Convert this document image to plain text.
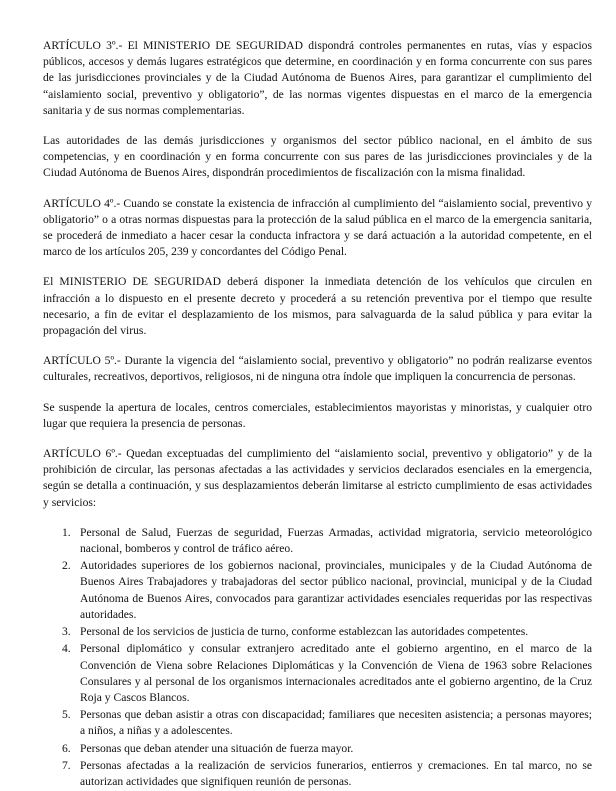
ARTÍCULO 3º.- El MINISTERIO DE SEGURIDAD dispondrá controles permanentes en rutas, vías y espacios públicos, accesos y demás lugares estratégicos que determine, en coordinación y en forma concurrente con sus pares de las jurisdicciones provinciales y de la Ciudad Autónoma de Buenos Aires, para garantizar el cumplimiento del “aislamiento social, preventivo y obligatorio”, de las normas vigentes dispuestas en el marco de la emergencia sanitaria y de sus normas complementarias.

Las autoridades de las demás jurisdicciones y organismos del sector público nacional, en el ámbito de sus competencias, y en coordinación y en forma concurrente con sus pares de las jurisdicciones provinciales y de la Ciudad Autónoma de Buenos Aires, dispondrán procedimientos de fiscalización con la misma finalidad.

ARTÍCULO 4º.- Cuando se constate la existencia de infracción al cumplimiento del “aislamiento social, preventivo y obligatorio” o a otras normas dispuestas para la protección de la salud pública en el marco de la emergencia sanitaria, se procederá de inmediato a hacer cesar la conducta infractora y se dará actuación a la autoridad competente, en el marco de los artículos 205, 239 y concordantes del Código Penal.

El MINISTERIO DE SEGURIDAD deberá disponer la inmediata detención de los vehículos que circulen en infracción a lo dispuesto en el presente decreto y procederá a su retención preventiva por el tiempo que resulte necesario, a fin de evitar el desplazamiento de los mismos, para salvaguarda de la salud pública y para evitar la propagación del virus.

ARTÍCULO 5º.- Durante la vigencia del “aislamiento social, preventivo y obligatorio” no podrán realizarse eventos culturales, recreativos, deportivos, religiosos, ni de ninguna otra índole que impliquen la concurrencia de personas.

Se suspende la apertura de locales, centros comerciales, establecimientos mayoristas y minoristas, y cualquier otro lugar que requiera la presencia de personas.

ARTÍCULO 6º.- Quedan exceptuadas del cumplimiento del “aislamiento social, preventivo y obligatorio” y de la prohibición de circular, las personas afectadas a las actividades y servicios declarados esenciales en la emergencia, según se detalla a continuación, y sus desplazamientos deberán limitarse al estricto cumplimiento de esas actividades y servicios:

1. Personal de Salud, Fuerzas de seguridad, Fuerzas Armadas, actividad migratoria, servicio meteorológico nacional, bomberos y control de tráfico aéreo.
2. Autoridades superiores de los gobiernos nacional, provinciales, municipales y de la Ciudad Autónoma de Buenos Aires Trabajadores y trabajadoras del sector público nacional, provincial, municipal y de la Ciudad Autónoma de Buenos Aires, convocados para garantizar actividades esenciales requeridas por las respectivas autoridades.
3. Personal de los servicios de justicia de turno, conforme establezcan las autoridades competentes.
4. Personal diplomático y consular extranjero acreditado ante el gobierno argentino, en el marco de la Convención de Viena sobre Relaciones Diplomáticas y la Convención de Viena de 1963 sobre Relaciones Consulares y al personal de los organismos internacionales acreditados ante el gobierno argentino, de la Cruz Roja y Cascos Blancos.
5. Personas que deban asistir a otras con discapacidad; familiares que necesiten asistencia; a personas mayores; a niños, a niñas y a adolescentes.
6. Personas que deban atender una situación de fuerza mayor.
7. Personas afectadas a la realización de servicios funerarios, entierros y cremaciones. En tal marco, no se autorizan actividades que signifiquen reunión de personas.
